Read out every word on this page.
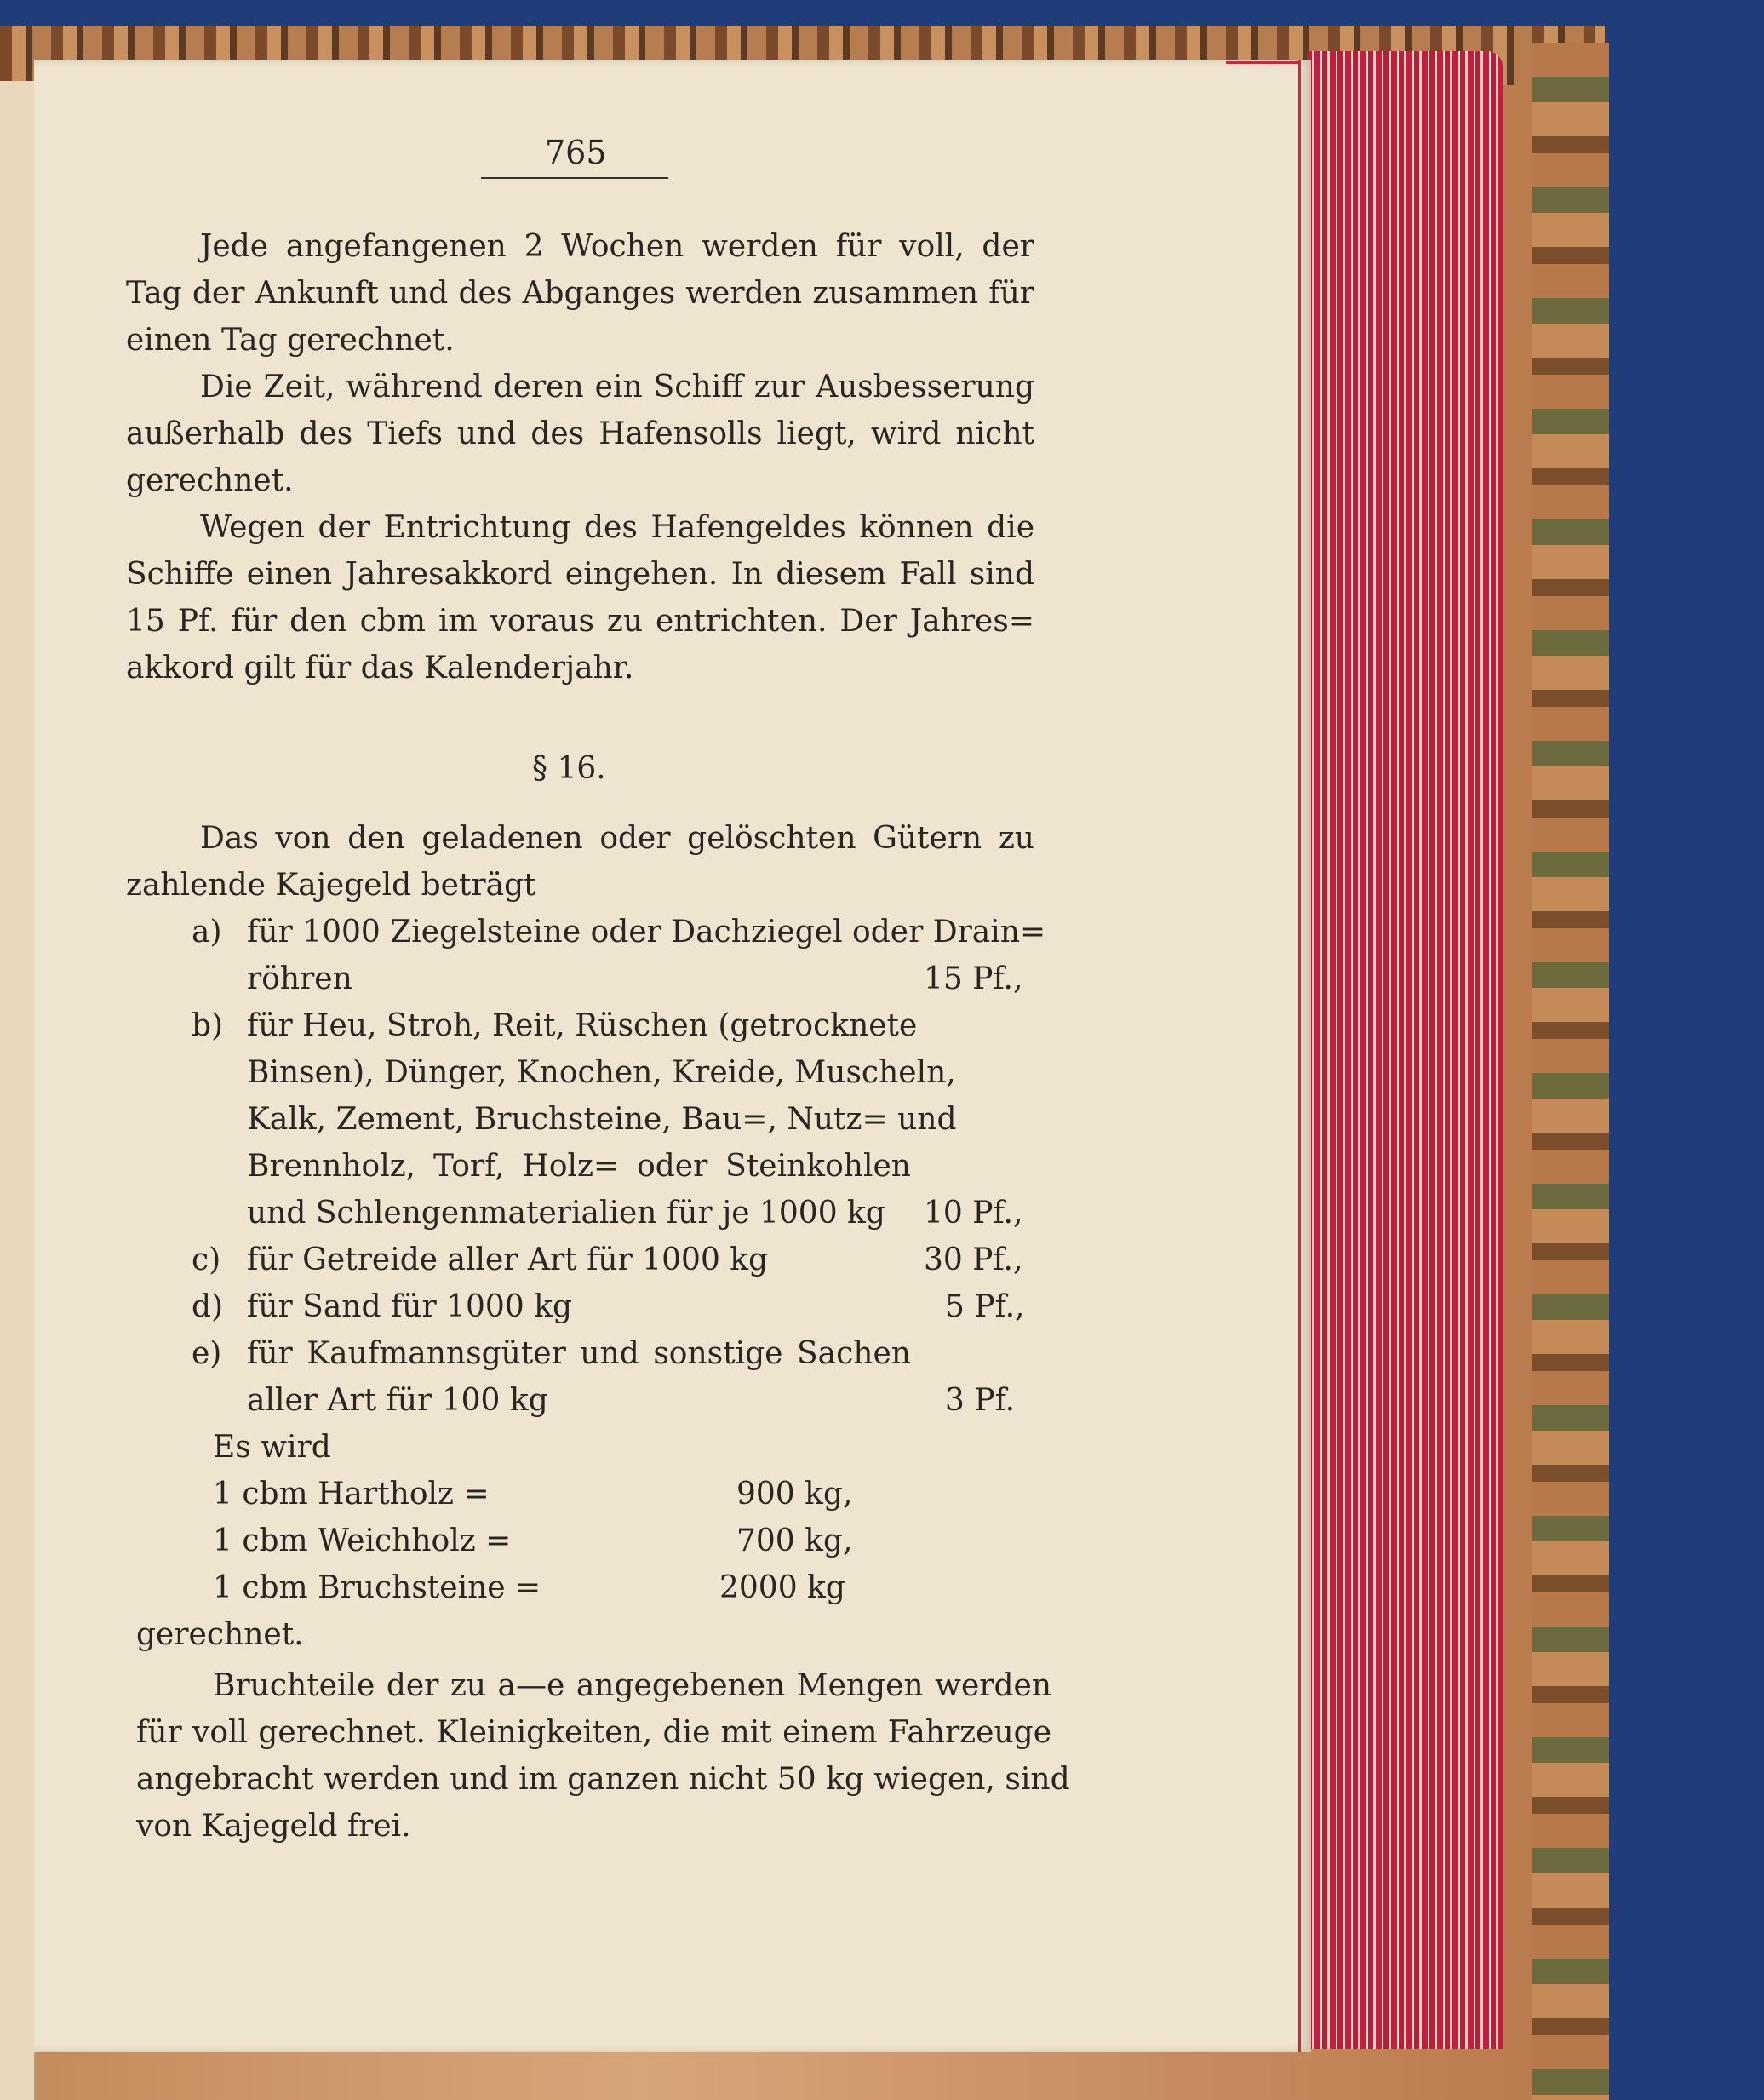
765
Jede angefangenen 2 Wochen werden für voll, der
Tag der Ankunft und des Abganges werden zusammen für
einen Tag gerechnet.
Die Zeit, während deren ein Schiff zur Ausbesserung
außerhalb des Tiefs und des Hafensolls liegt, wird nicht
gerechnet.
Wegen der Entrichtung des Hafengeldes können die
Schiffe einen Jahresakkord eingehen. In diesem Fall sind
15 Pf. für den cbm im voraus zu entrichten. Der Jahres=
akkord gilt für das Kalenderjahr.
§ 16.
Das von den geladenen oder gelöschten Gütern zu
zahlende Kajegeld beträgt
a) für 1000 Ziegelsteine oder Dachziegel oder Drain=
röhren	15 Pf.,
b) für Heu, Stroh, Reit, Rüschen (getrocknete
Binsen), Dünger, Knochen, Kreide, Muscheln,
Kalk, Zement, Bruchsteine, Bau=, Nutz= und
Brennholz, Torf, Holz= oder Steinkohlen
und Schlengenmaterialien für je 1000 kg 10 Pf.,
c) für Getreide aller Art für 1000 kg	30 Pf.,
d) für Sand für 1000 kg	5 Pf.,
e) für Kaufmannsgüter und sonstige Sachen
aller Art für 100 kg	3 Pf.
Es wird
1 cbm Hartholz =	900 kg,
1 cbm Weichholz =	700 kg,
1 cbm Bruchsteine =	2000 kg
gerechnet.
Bruchteile der zu a—e angegebenen Mengen werden
für voll gerechnet. Kleinigkeiten, die mit einem Fahrzeuge
angebracht werden und im ganzen nicht 50 kg wiegen, sind
von Kajegeld frei.
